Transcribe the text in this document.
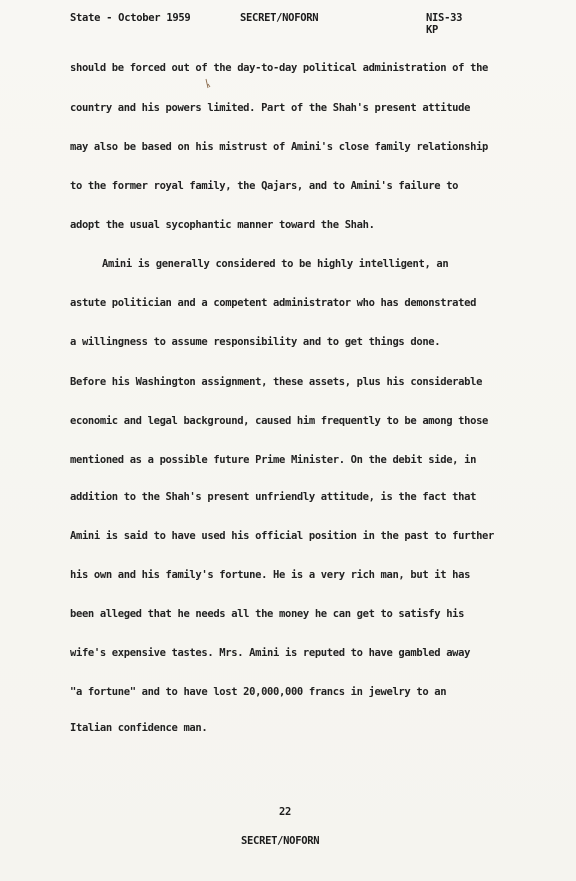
State - October 1959	SECRET/NOFORN	NIS-33
KP
should be forced out of the day-to-day political administration of the
country and his powers limited. Part of the Shah's present attitude
may also be based on his mistrust of Amini's close family relationship
to the former royal family, the Qajars, and to Amini's failure to
adopt the usual sycophantic manner toward the Shah.
Amini is generally considered to be highly intelligent, an
astute politician and a competent administrator who has demonstrated
a willingness to assume responsibility and to get things done.
Before his Washington assignment, these assets, plus his considerable
economic and legal background, caused him frequently to be among those
mentioned as a possible future Prime Minister. On the debit side, in
addition to the Shah's present unfriendly attitude, is the fact that
Amini is said to have used his official position in the past to further
his own and his family's fortune. He is a very rich man, but it has
been alleged that he needs all the money he can get to satisfy his
wife's expensive tastes. Mrs. Amini is reputed to have gambled away
"a fortune" and to have lost 20,000,000 francs in jewelry to an
Italian confidence man.
22
SECRET/NOFORN
